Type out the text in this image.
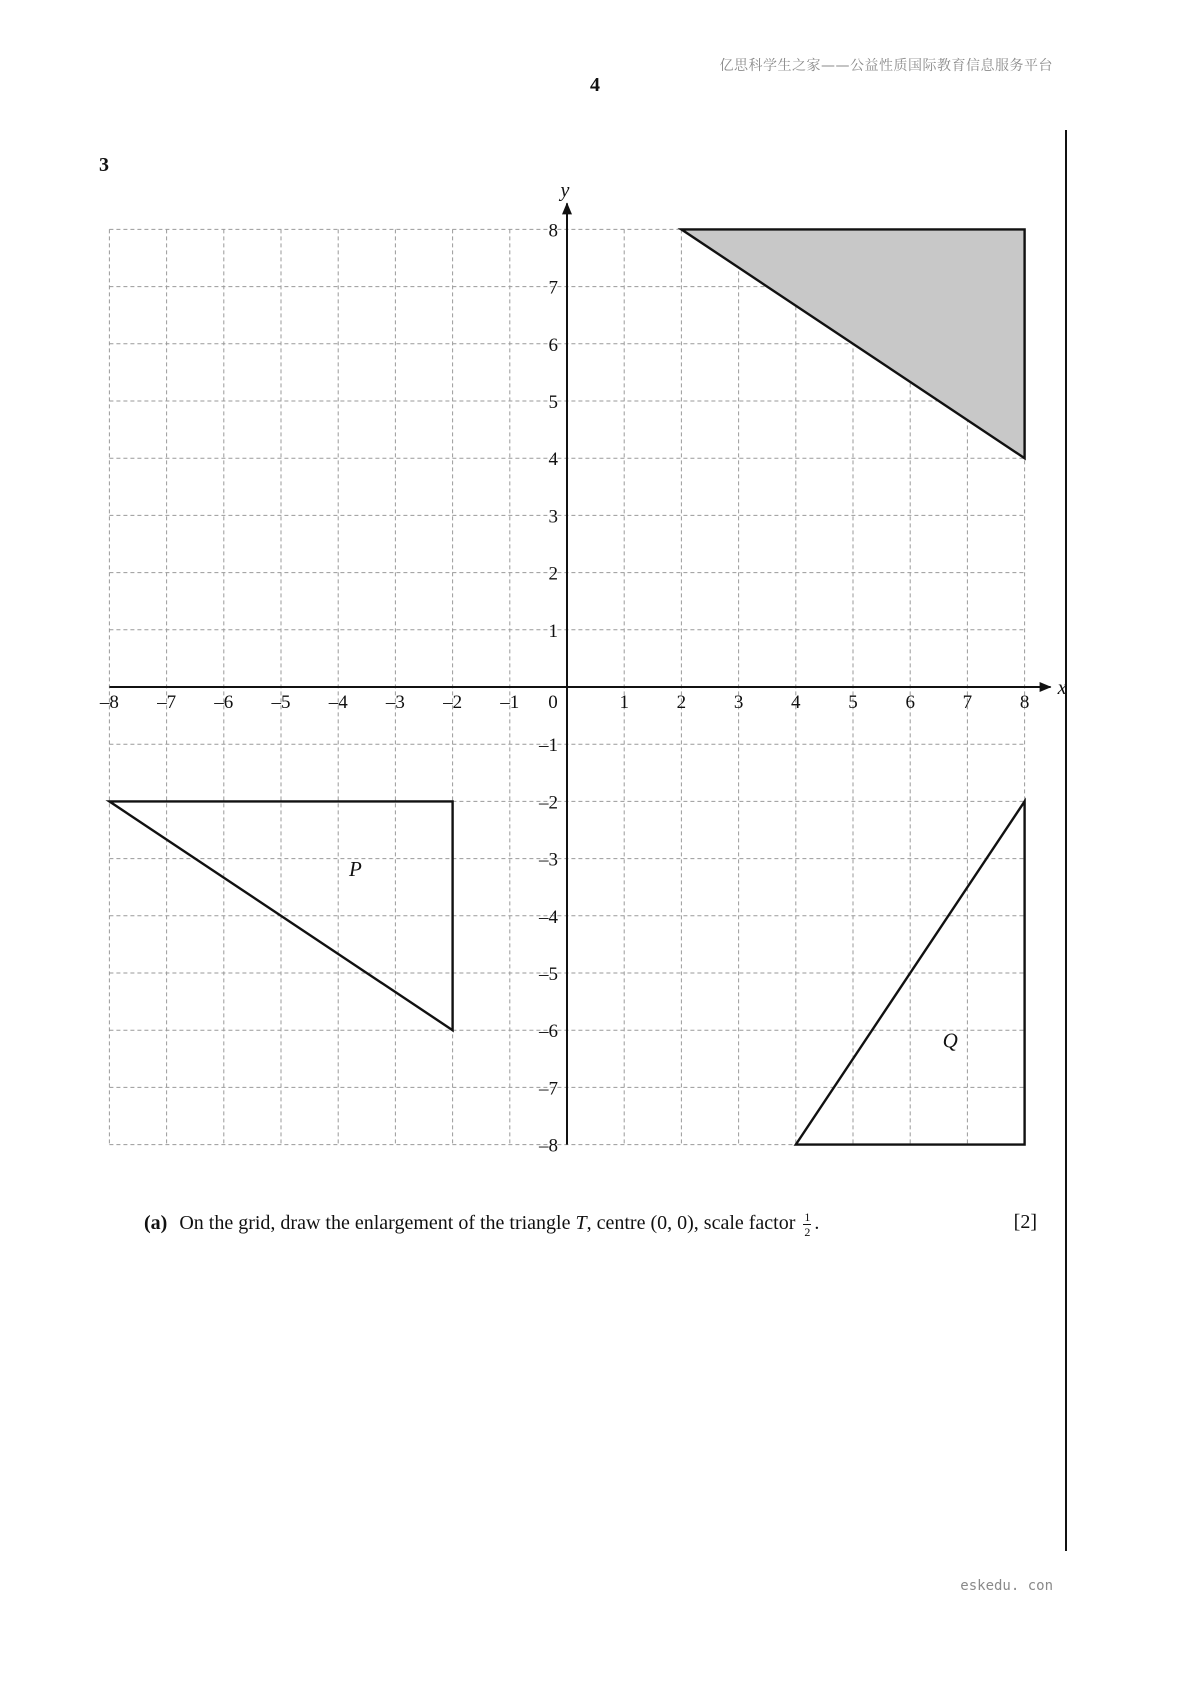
亿思科学生之家——公益性质国际教育信息服务平台
4
3
P
Q
x
y
–8 –7 –6 –5 –4 –3 –2 –1 0	1	2	3	4	5	6	7	8
8
7
6
5
4
3
2
1
–1
–2
–3
–4
–5
–6
–7
–8
(a) On the grid, draw the enlargement of the triangle T, centre (0, 0), scale factor $\frac{1}{2}$ .	[2]
eskedu. con
